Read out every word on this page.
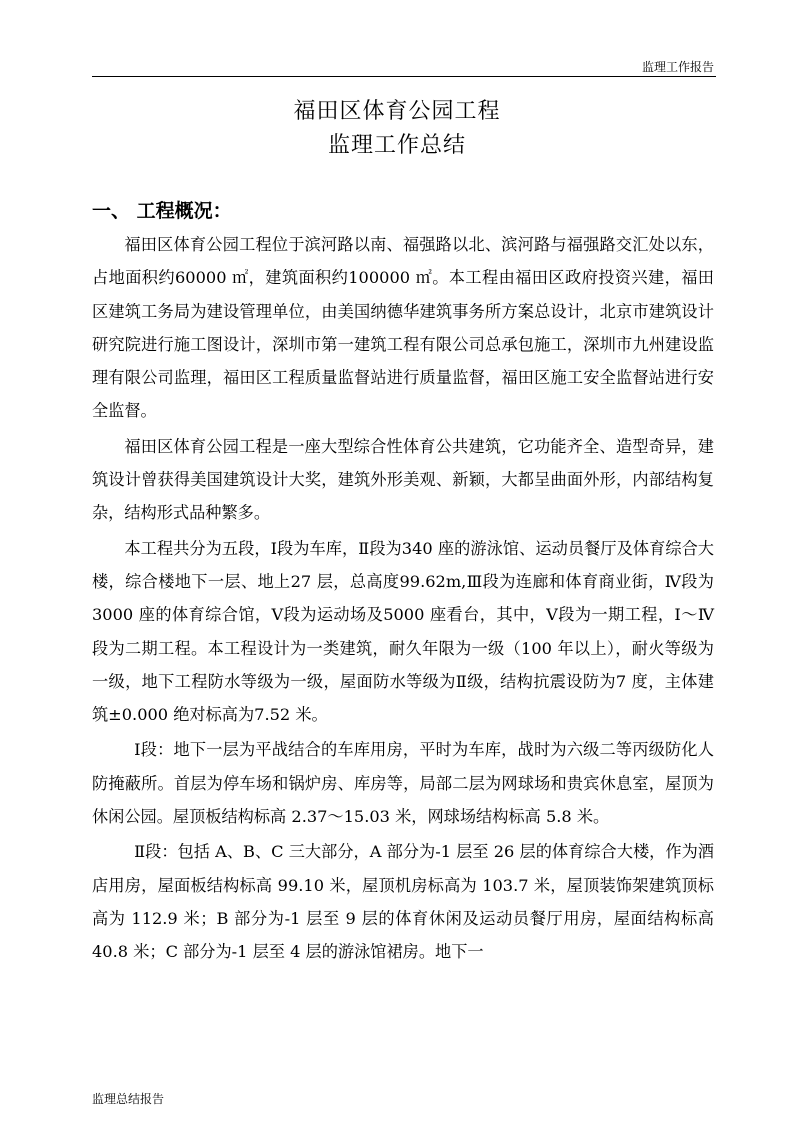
监理工作报告
福田区体育公园工程
监理工作总结
一、 工程概况：

福田区体育公园工程位于滨河路以南、福强路以北、滨河路与福强路交汇处以东，占地面积约60000 ㎡，建筑面积约100000 ㎡。本工程由福田区政府投资兴建，福田区建筑工务局为建设管理单位，由美国纳德华建筑事务所方案总设计，北京市建筑设计研究院进行施工图设计，深圳市第一建筑工程有限公司总承包施工，深圳市九州建设监理有限公司监理，福田区工程质量监督站进行质量监督，福田区施工安全监督站进行安全监督。

福田区体育公园工程是一座大型综合性体育公共建筑，它功能齐全、造型奇异，建筑设计曾获得美国建筑设计大奖，建筑外形美观、新颖，大都呈曲面外形，内部结构复杂，结构形式品种繁多。

本工程共分为五段，Ⅰ段为车库，Ⅱ段为340 座的游泳馆、运动员餐厅及体育综合大楼，综合楼地下一层、地上27 层，总高度99.62m,Ⅲ段为连廊和体育商业街，Ⅳ段为3000 座的体育综合馆，Ⅴ段为运动场及5000 座看台，其中，Ⅴ段为一期工程，Ⅰ～Ⅳ段为二期工程。本工程设计为一类建筑，耐久年限为一级（100 年以上），耐火等级为一级，地下工程防水等级为一级，屋面防水等级为Ⅱ级，结构抗震设防为7 度，主体建筑±0.000 绝对标高为7.52 米。

Ⅰ段：地下一层为平战结合的车库用房，平时为车库，战时为六级二等丙级防化人防掩蔽所。首层为停车场和锅炉房、库房等，局部二层为网球场和贵宾休息室，屋顶为休闲公园。屋顶板结构标高 2.37～15.03 米，网球场结构标高 5.8 米。

Ⅱ段：包括 A、B、C 三大部分，A 部分为-1 层至 26 层的体育综合大楼，作为酒店用房，屋面板结构标高 99.10 米，屋顶机房标高为 103.7 米，屋顶装饰架建筑顶标高为 112.9 米；B 部分为-1 层至 9 层的体育休闲及运动员餐厅用房，屋面结构标高 40.8 米；C 部分为-1 层至 4 层的游泳馆裙房。地下一

监理总结报告
